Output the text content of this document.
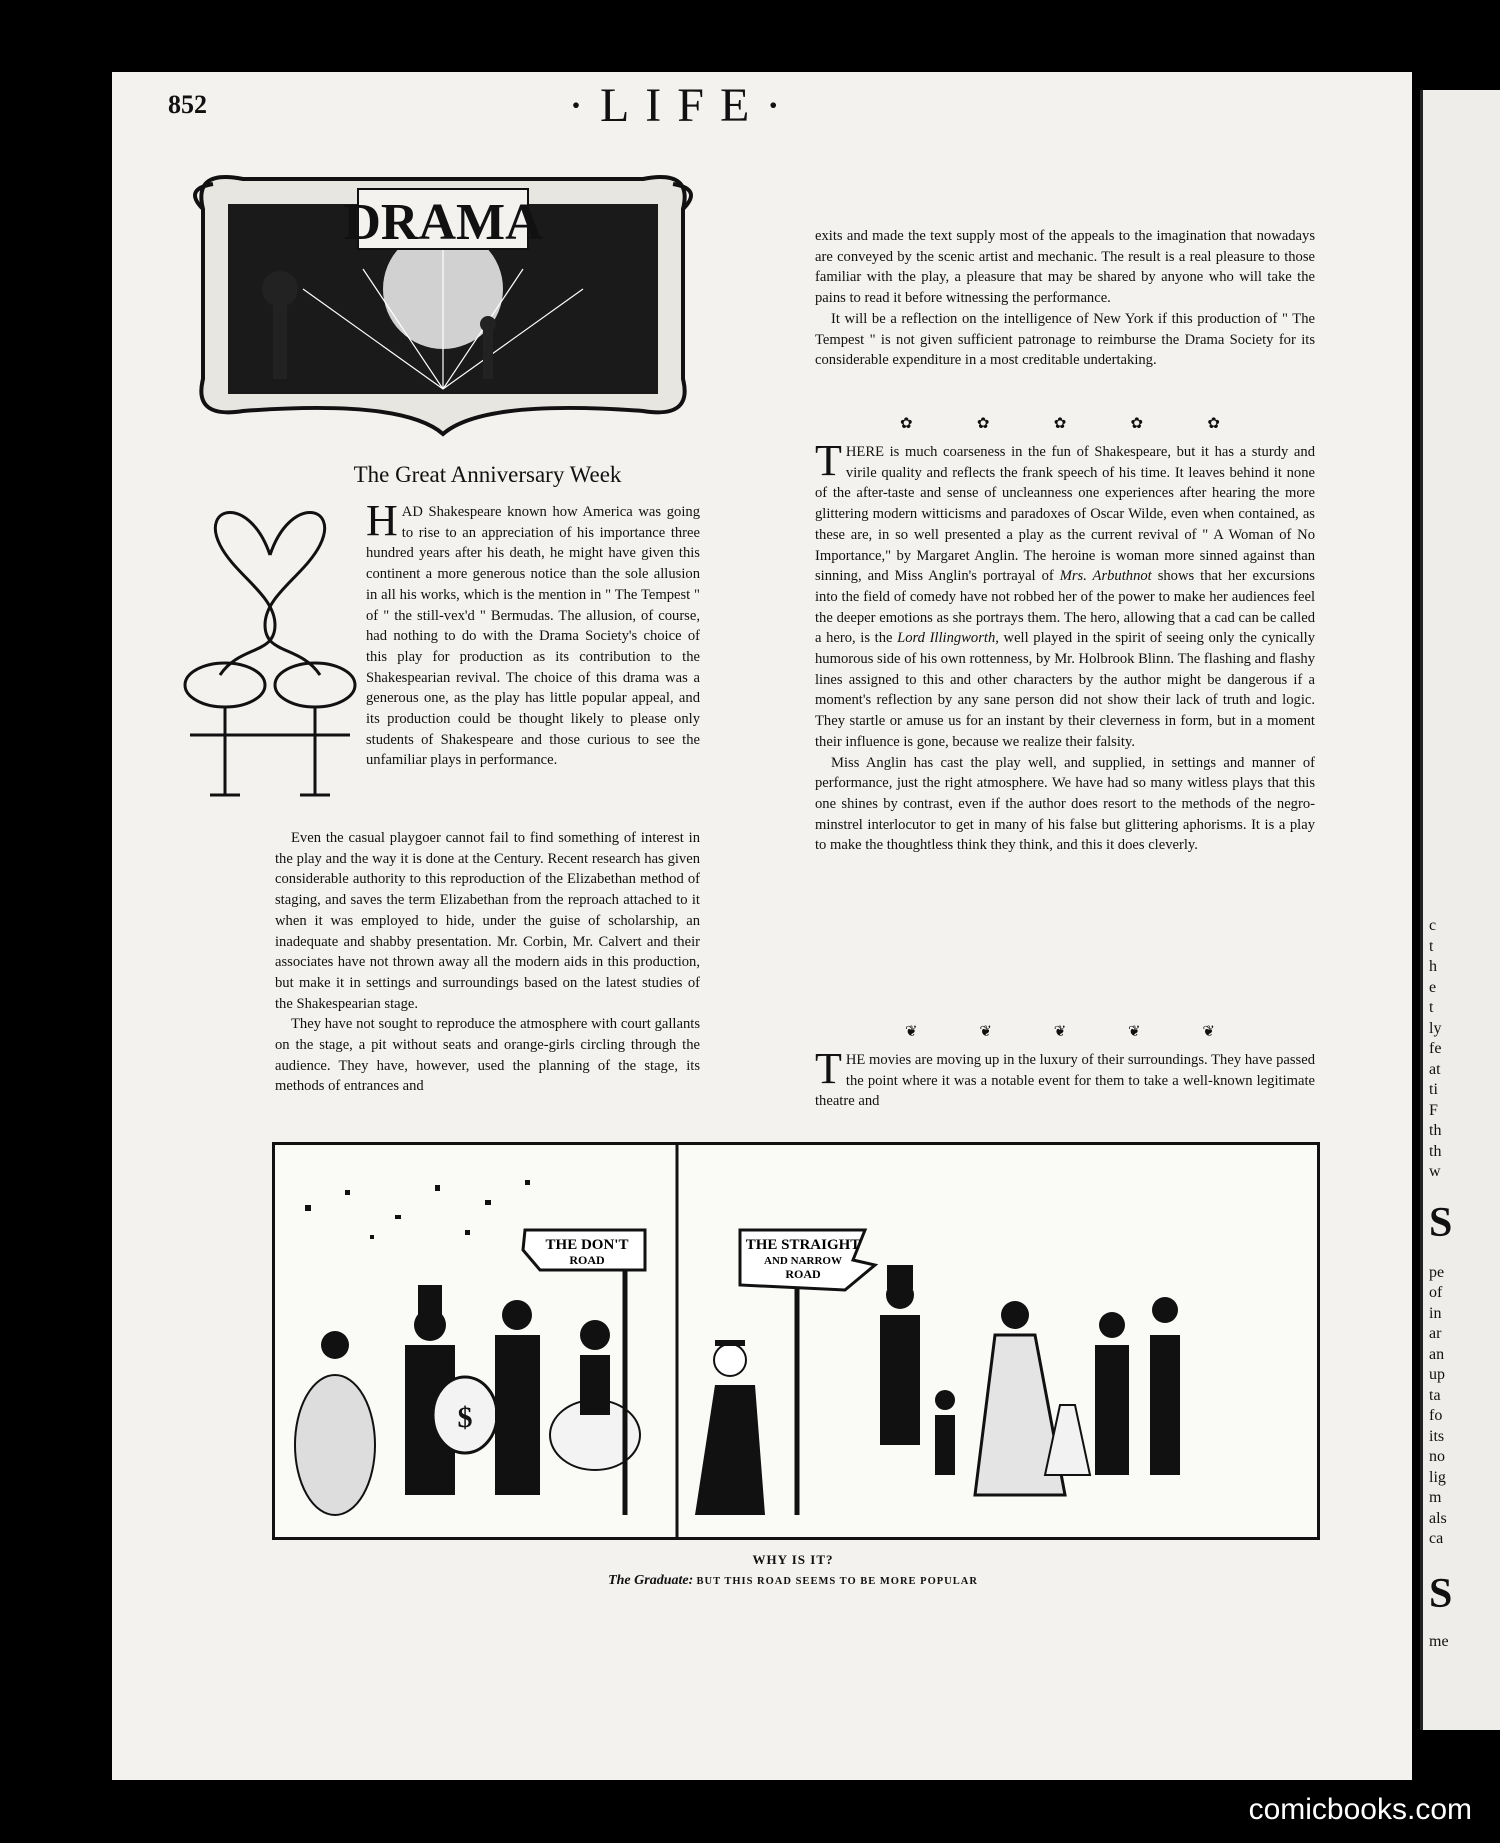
c
t
h
e
t
ly
fe
at
ti
F
th
th
w
S
pe
of
in
ar
an
up
ta
fo
its
no
lig
m
als
ca
S
me
852	·LIFE·
DRAMA
The Great Anniversary Week

HAD Shakespeare known how America was going to rise to an appreciation of his importance three hundred years after his death, he might have given this continent a more generous notice than the sole allusion in all his works, which is the mention in " The Tempest " of " the still-vex'd " Bermudas. The allusion, of course, had nothing to do with the Drama Society's choice of this play for production as its contribution to the Shakespearian revival. The choice of this drama was a generous one, as the play has little popular appeal, and its production could be thought likely to please only students of Shakespeare and those curious to see the unfamiliar plays in performance.

Even the casual playgoer cannot fail to find something of interest in the play and the way it is done at the Century. Recent research has given considerable authority to this reproduction of the Elizabethan method of staging, and saves the term Elizabethan from the reproach attached to it when it was employed to hide, under the guise of scholarship, an inadequate and shabby presentation. Mr. Corbin, Mr. Calvert and their associates have not thrown away all the modern aids in this production, but make it in settings and surroundings based on the latest studies of the Shakespearian stage.

They have not sought to reproduce the atmosphere with court gallants on the stage, a pit without seats and orange-girls circling through the audience. They have, however, used the planning of the stage, its methods of entrances and

exits and made the text supply most of the appeals to the imagination that nowadays are conveyed by the scenic artist and mechanic. The result is a real pleasure to those familiar with the play, a pleasure that may be shared by anyone who will take the pains to read it before witnessing the performance.

It will be a reflection on the intelligence of New York if this production of " The Tempest " is not given sufficient patronage to reimburse the Drama Society for its considerable expenditure in a most creditable undertaking.

✿	✿	✿	✿	✿

THERE is much coarseness in the fun of Shakespeare, but it has a sturdy and virile quality and reflects the frank speech of his time. It leaves behind it none of the after-taste and sense of uncleanness one experiences after hearing the more glittering modern witticisms and paradoxes of Oscar Wilde, even when contained, as these are, in so well presented a play as the current revival of " A Woman of No Importance," by Margaret Anglin. The heroine is woman more sinned against than sinning, and Miss Anglin's portrayal of Mrs. Arbuthnot shows that her excursions into the field of comedy have not robbed her of the power to make her audiences feel the deeper emotions as she portrays them. The hero, allowing that a cad can be called a hero, is the Lord Illingworth, well played in the spirit of seeing only the cynically humorous side of his own rottenness, by Mr. Holbrook Blinn. The flashing and flashy lines assigned to this and other characters by the author might be dangerous if a moment's reflection by any sane person did not show their lack of truth and logic. They startle or amuse us for an instant by their cleverness in form, but in a moment their influence is gone, because we realize their falsity.

Miss Anglin has cast the play well, and supplied, in settings and manner of performance, just the right atmosphere. We have had so many witless plays that this one shines by contrast, even if the author does resort to the methods of the negro-minstrel interlocutor to get in many of his false but glittering aphorisms. It is a play to make the thoughtless think they think, and this it does cleverly.

❦	❦	❦	❦	❦

THE movies are moving up in the luxury of their surroundings. They have passed the point where it was a notable event for them to take a well-known legitimate theatre and

$
THE DON'T
ROAD
THE STRAIGHT
AND NARROW
ROAD
WHY IS IT?
The Graduate: BUT THIS ROAD SEEMS TO BE MORE POPULAR
comicbooks.com
